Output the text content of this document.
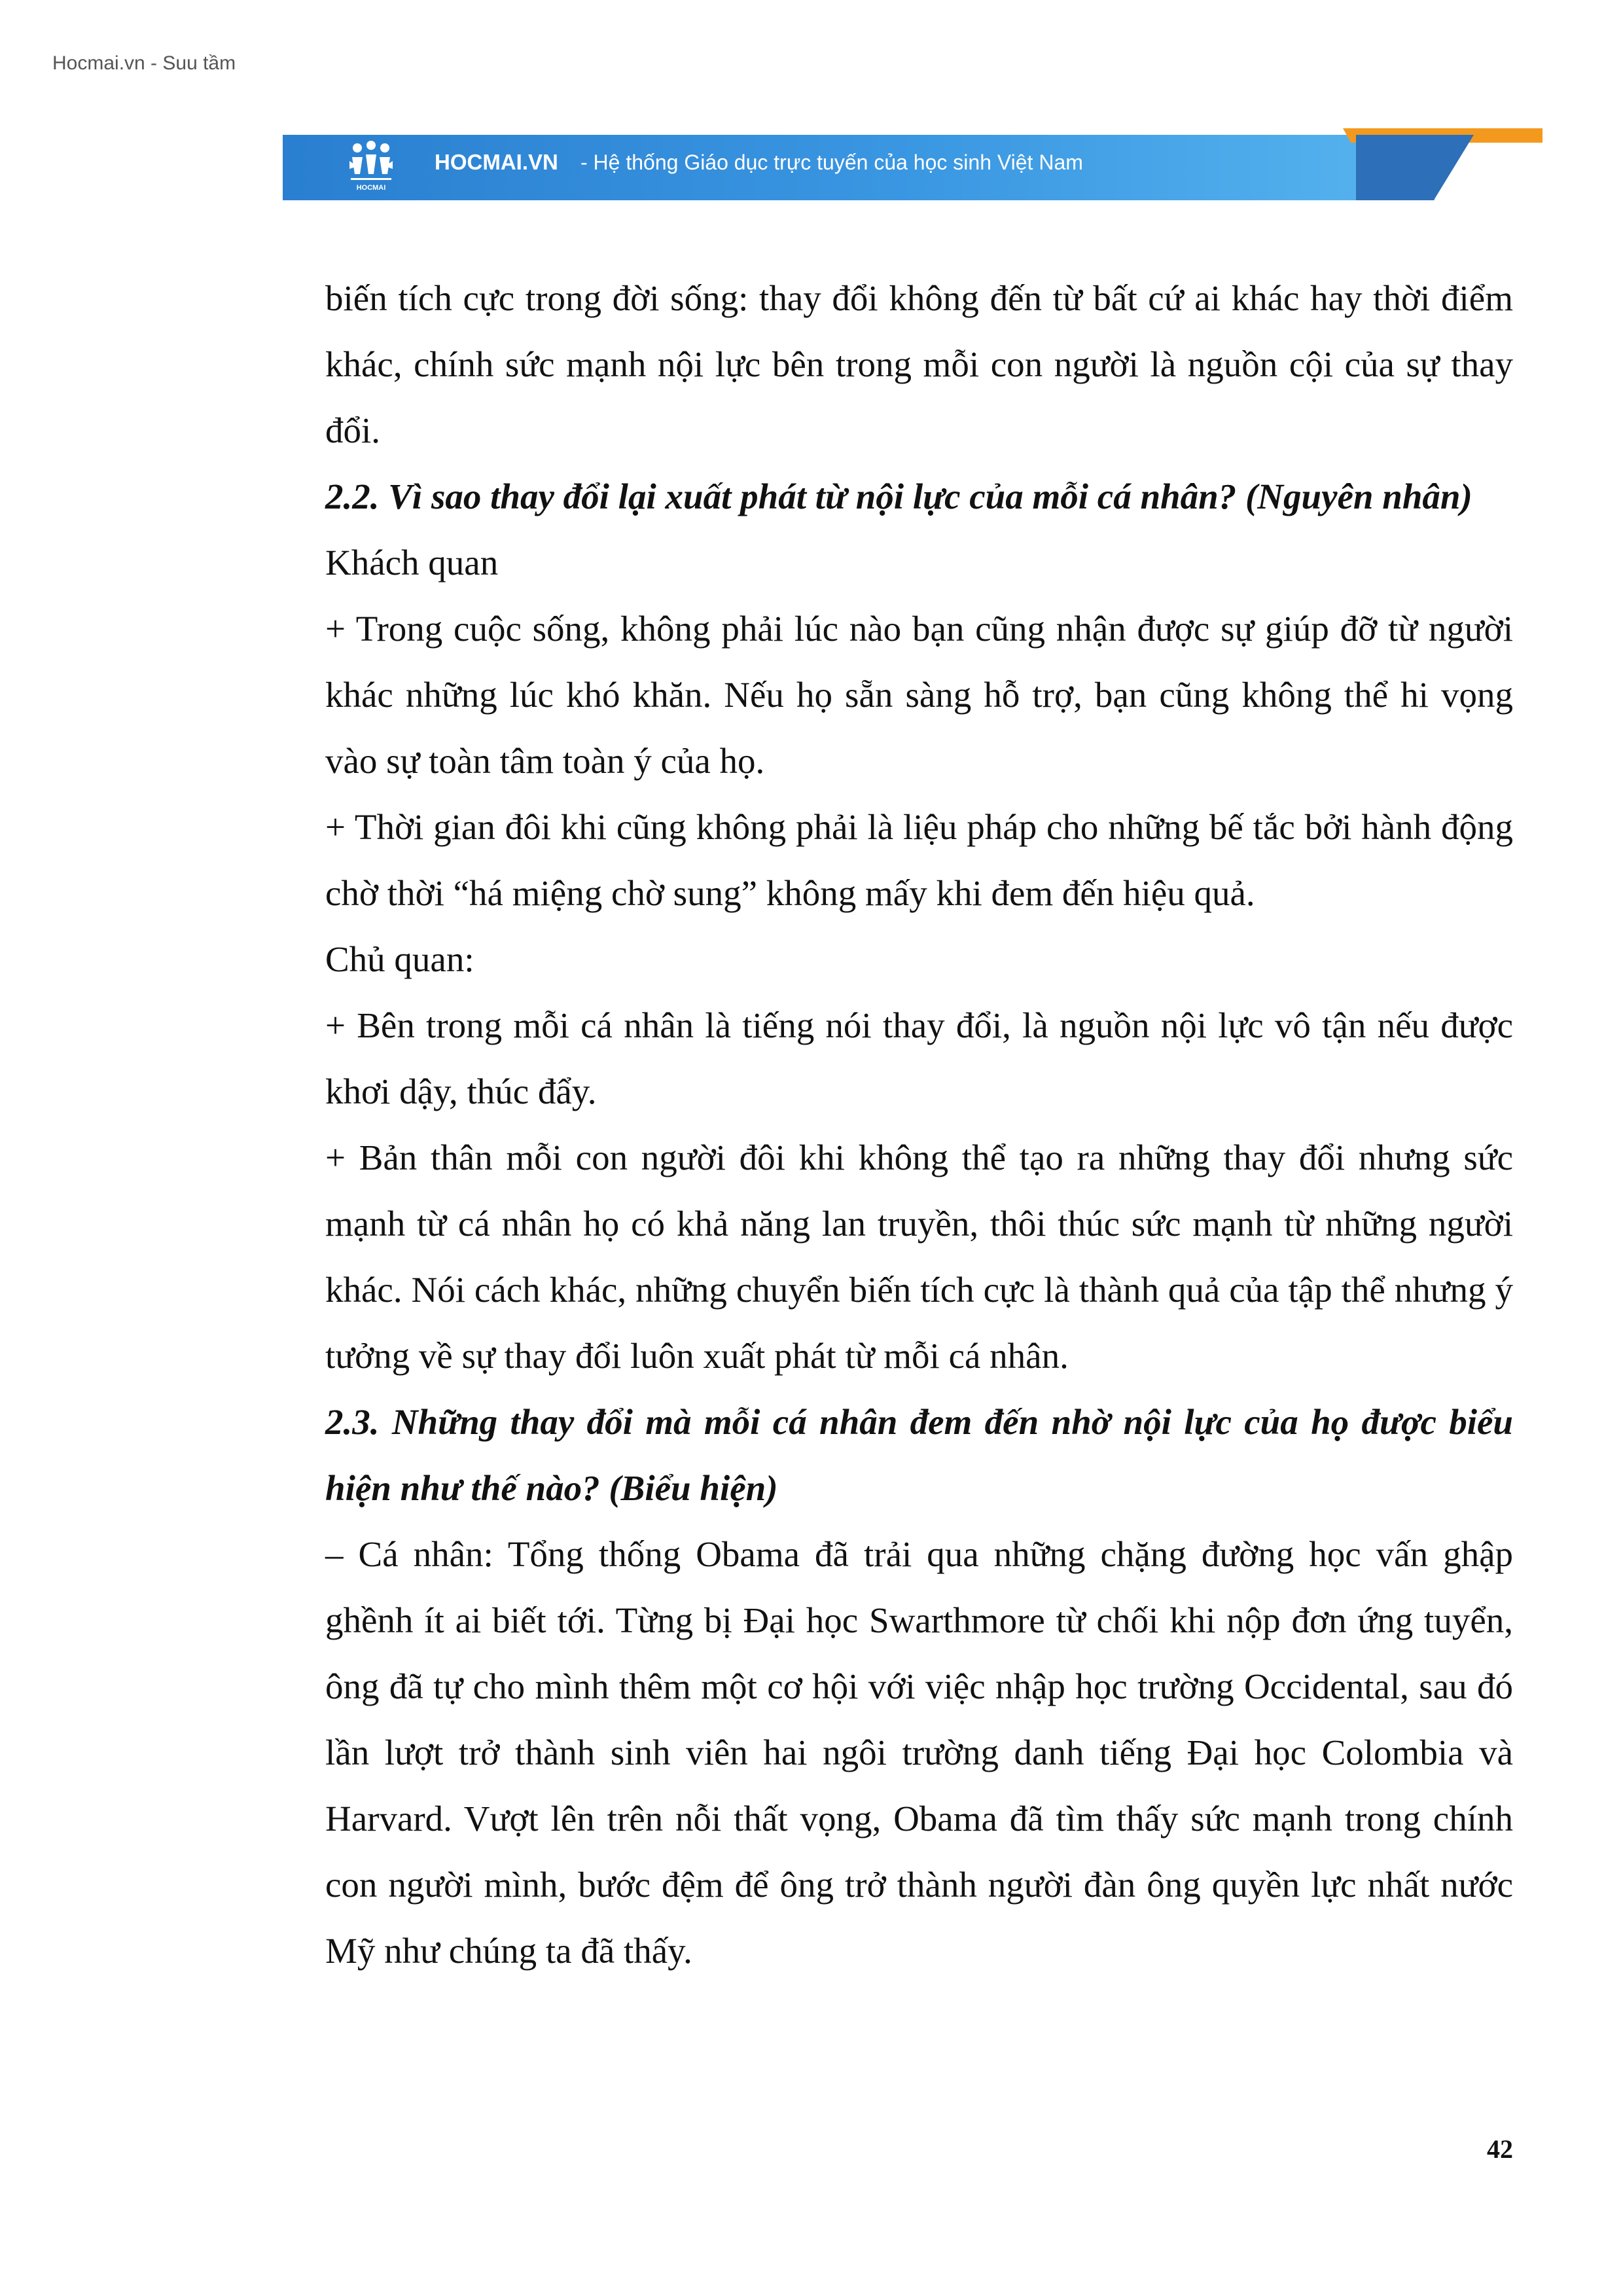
Hocmai.vn - Suu tầm
HOCMAI
HOCMAI.VN - Hệ thống Giáo dục trực tuyến của học sinh Việt Nam

biến tích cực trong đời sống: thay đổi không đến từ bất cứ ai khác hay thời điểm khác, chính sức mạnh nội lực bên trong mỗi con người là nguồn cội của sự thay đổi.

2.2. Vì sao thay đổi lại xuất phát từ nội lực của mỗi cá nhân? (Nguyên nhân)

Khách quan

+ Trong cuộc sống, không phải lúc nào bạn cũng nhận được sự giúp đỡ từ người khác những lúc khó khăn. Nếu họ sẵn sàng hỗ trợ, bạn cũng không thể hi vọng vào sự toàn tâm toàn ý của họ.

+ Thời gian đôi khi cũng không phải là liệu pháp cho những bế tắc bởi hành động chờ thời “há miệng chờ sung” không mấy khi đem đến hiệu quả.

Chủ quan:

+ Bên trong mỗi cá nhân là tiếng nói thay đổi, là nguồn nội lực vô tận nếu được khơi dậy, thúc đẩy.

+ Bản thân mỗi con người đôi khi không thể tạo ra những thay đổi nhưng sức mạnh từ cá nhân họ có khả năng lan truyền, thôi thúc sức mạnh từ những người khác. Nói cách khác, những chuyển biến tích cực là thành quả của tập thể nhưng ý tưởng về sự thay đổi luôn xuất phát từ mỗi cá nhân.

2.3. Những thay đổi mà mỗi cá nhân đem đến nhờ nội lực của họ được biểu hiện như thế nào? (Biểu hiện)

– Cá nhân: Tổng thống Obama đã trải qua những chặng đường học vấn ghập ghềnh ít ai biết tới. Từng bị Đại học Swarthmore từ chối khi nộp đơn ứng tuyển, ông đã tự cho mình thêm một cơ hội với việc nhập học trường Occidental, sau đó lần lượt trở thành sinh viên hai ngôi trường danh tiếng Đại học Colombia và Harvard. Vượt lên trên nỗi thất vọng, Obama đã tìm thấy sức mạnh trong chính con người mình, bước đệm để ông trở thành người đàn ông quyền lực nhất nước Mỹ như chúng ta đã thấy.

42
